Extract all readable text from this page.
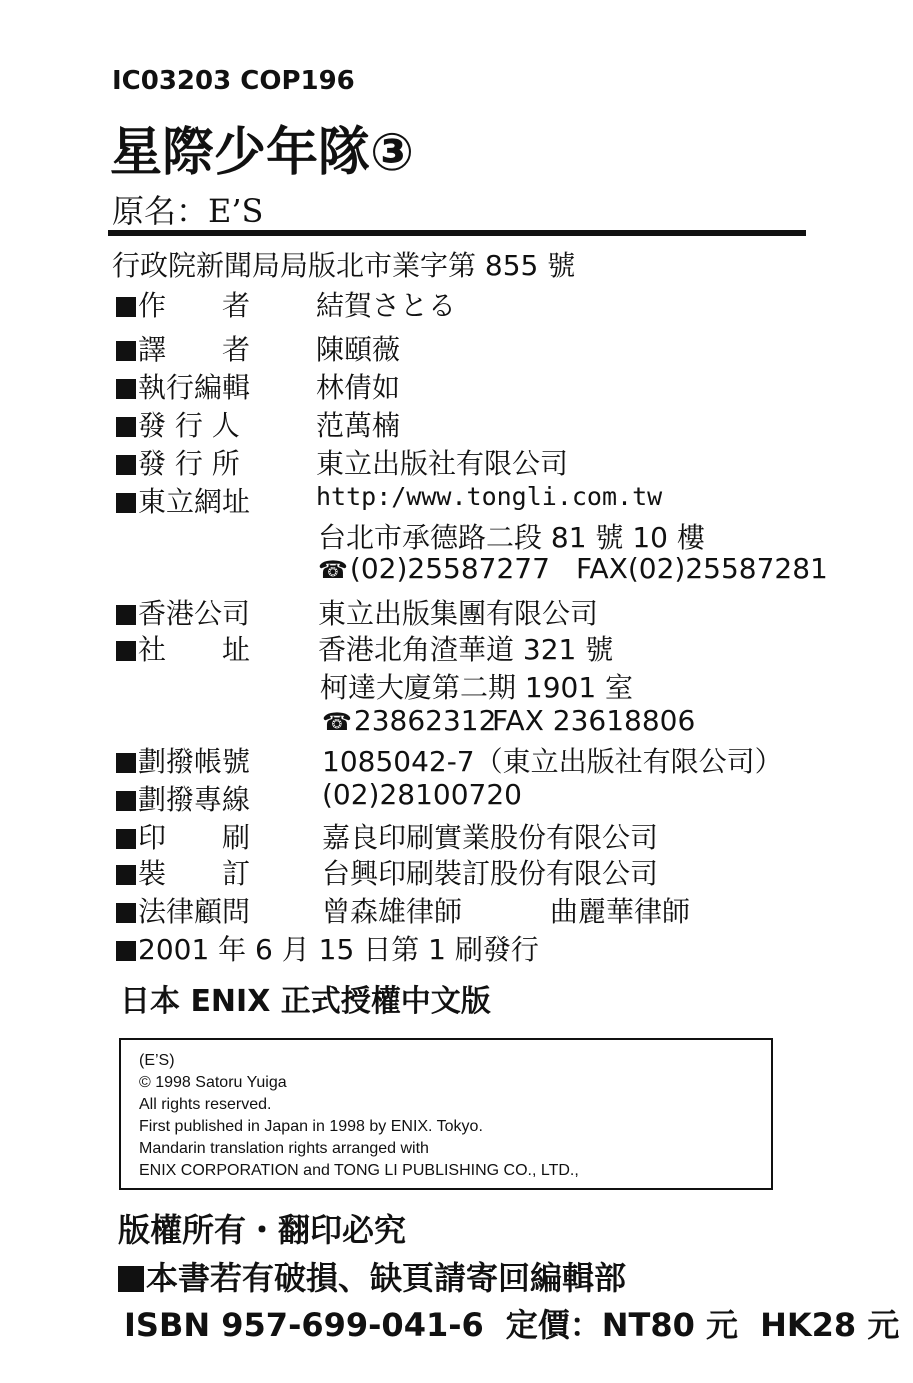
IC03203 COP196
星際少年隊③
原名：E’S
行政院新聞局局版北市業字第 855 號
作　　者	結賀さとる
譯　　者	陳頤薇
執行編輯	林倩如
發 行 人	范萬楠
發 行 所	東立出版社有限公司
東立網址	http:/www.tongli.com.tw
台北市承德路二段 81 號 10 樓
☎(02)25587277 FAX(02)25587281
香港公司	東立出版集團有限公司
社　　址	香港北角渣華道 321 號
柯達大廈第二期 1901 室
☎23862312
FAX 23618806
劃撥帳號	1085042-7（東立出版社有限公司）
劃撥專線	(02)28100720
印　　刷	嘉良印刷實業股份有限公司
裝　　訂	台興印刷裝訂股份有限公司
法律顧問	曾森雄律師	曲麗華律師
2001 年 6 月 15 日第 1 刷發行
日本 ENIX 正式授權中文版
(E’S)
© 1998 Satoru Yuiga
All rights reserved.
First published in Japan in 1998 by ENIX. Tokyo.
Mandarin translation rights arranged with
ENIX CORPORATION and TONG LI PUBLISHING CO., LTD.,
版權所有・翻印必究
本書若有破損、缺頁請寄回編輯部
ISBN 957-699-041-6 定價：NT80 元 HK28 元
